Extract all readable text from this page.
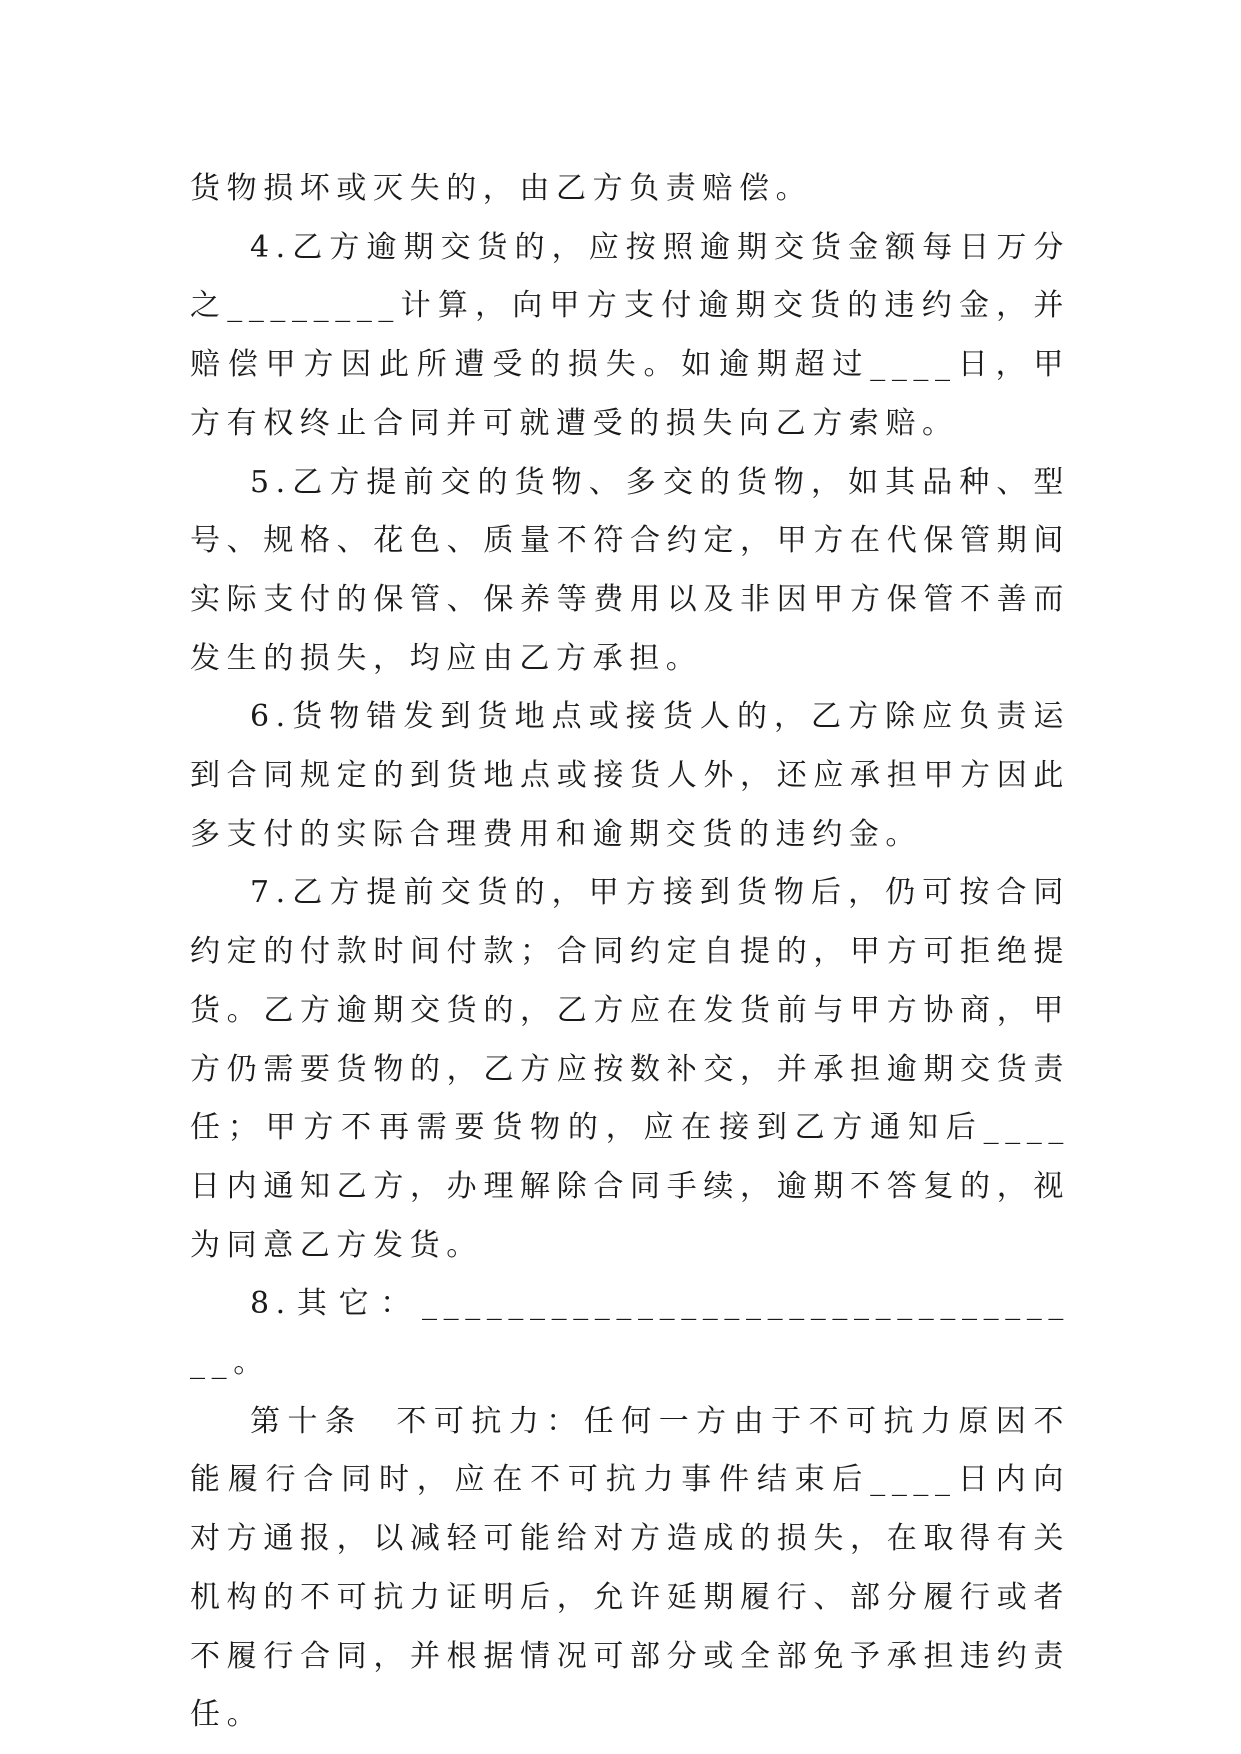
货物损坏或灭失的，由乙方负责赔偿。

4.乙方逾期交货的，应按照逾期交货金额每日万分之________计算，向甲方支付逾期交货的违约金，并赔偿甲方因此所遭受的损失。如逾期超过____日，甲方有权终止合同并可就遭受的损失向乙方索赔。

5.乙方提前交的货物、多交的货物，如其品种、型号、规格、花色、质量不符合约定，甲方在代保管期间实际支付的保管、保养等费用以及非因甲方保管不善而发生的损失，均应由乙方承担。

6.货物错发到货地点或接货人的，乙方除应负责运到合同规定的到货地点或接货人外，还应承担甲方因此多支付的实际合理费用和逾期交货的违约金。

7.乙方提前交货的，甲方接到货物后，仍可按合同约定的付款时间付款；合同约定自提的，甲方可拒绝提货。乙方逾期交货的，乙方应在发货前与甲方协商，甲方仍需要货物的，乙方应按数补交，并承担逾期交货责任；甲方不再需要货物的，应在接到乙方通知后____日内通知乙方，办理解除合同手续，逾期不答复的，视为同意乙方发货。

8.其它：________________________________。

第十条  不可抗力：任何一方由于不可抗力原因不能履行合同时，应在不可抗力事件结束后____日内向对方通报，以减轻可能给对方造成的损失，在取得有关机构的不可抗力证明后，允许延期履行、部分履行或者不履行合同，并根据情况可部分或全部免予承担违约责任。
